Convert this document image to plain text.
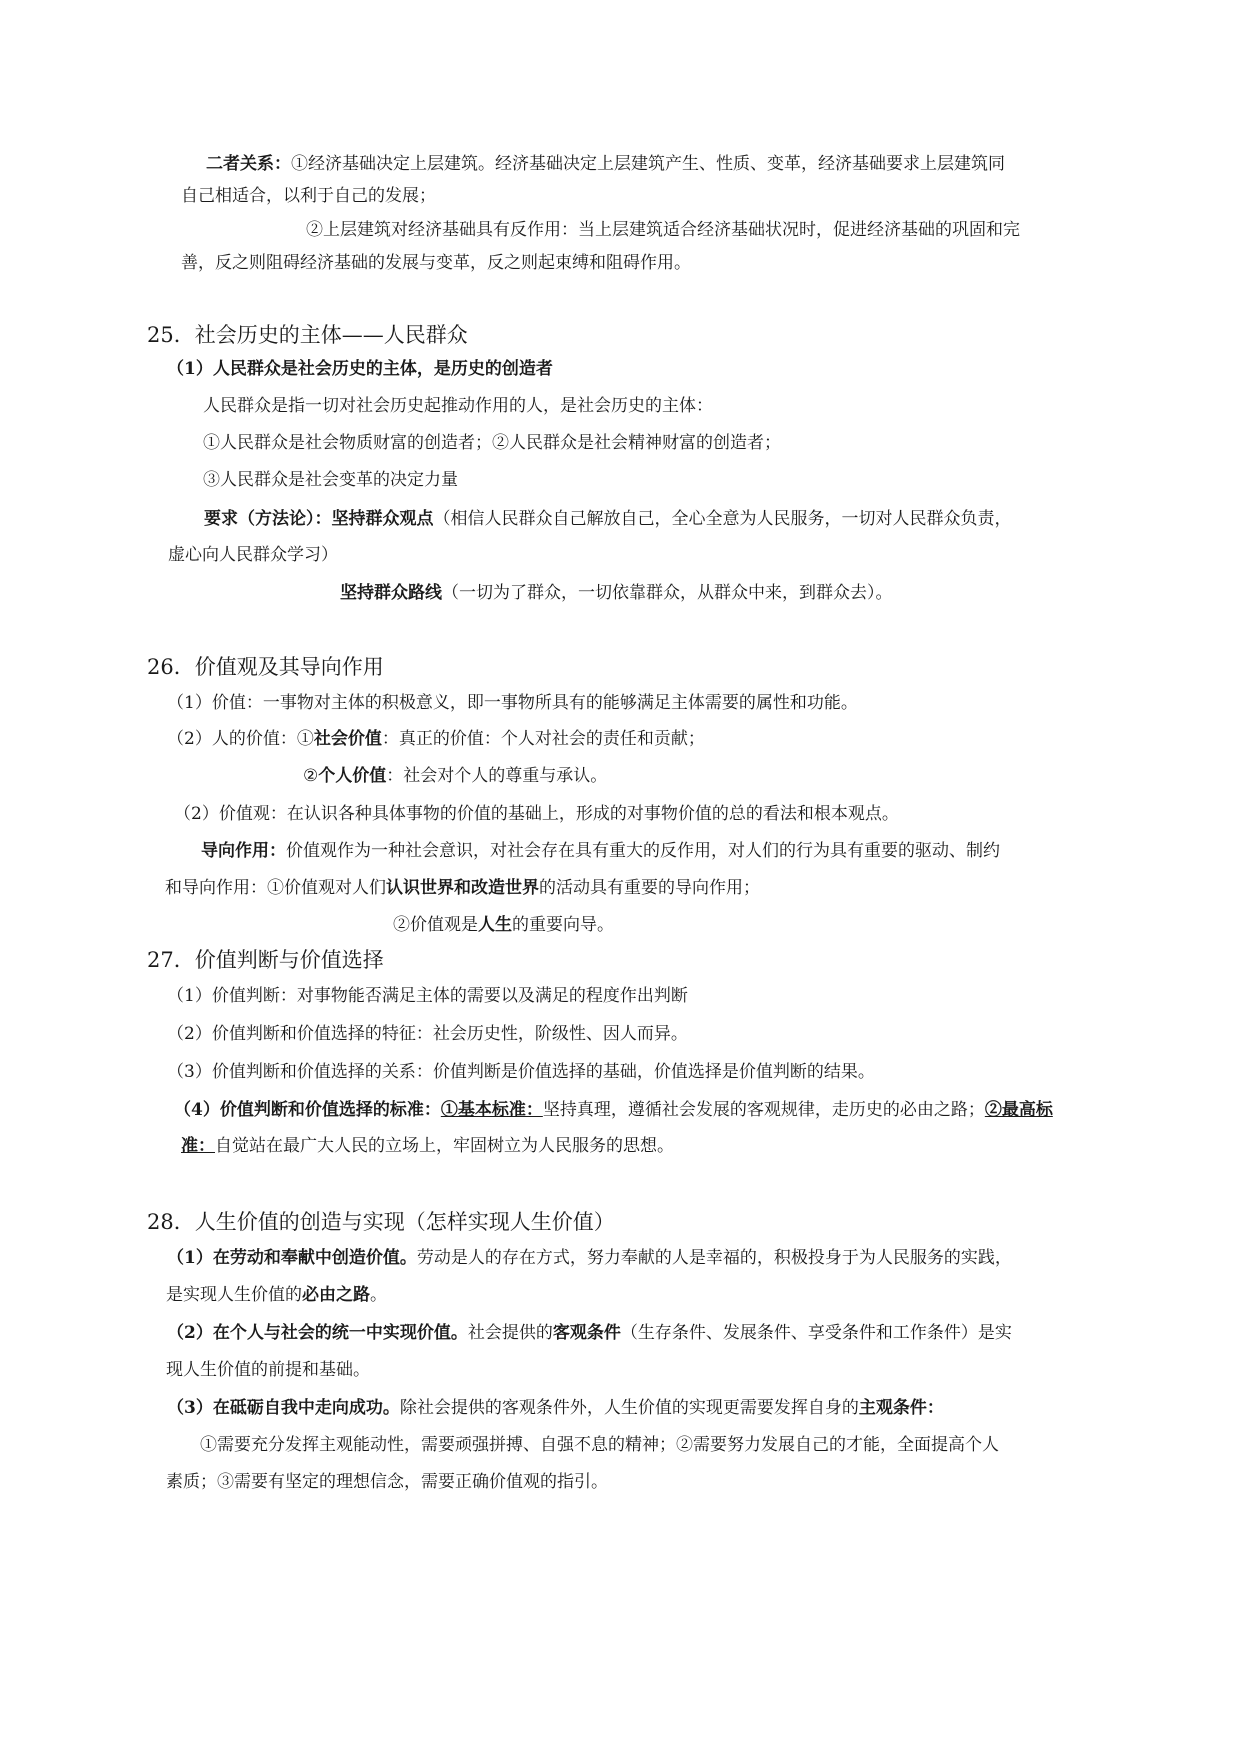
二者关系：①经济基础决定上层建筑。经济基础决定上层建筑产生、性质、变革，经济基础要求上层建筑同
自己相适合，以利于自己的发展；
②上层建筑对经济基础具有反作用：当上层建筑适合经济基础状况时，促进经济基础的巩固和完
善，反之则阻碍经济基础的发展与变革，反之则起束缚和阻碍作用。
25．社会历史的主体——人民群众
（1）人民群众是社会历史的主体，是历史的创造者
人民群众是指一切对社会历史起推动作用的人，是社会历史的主体：
①人民群众是社会物质财富的创造者；②人民群众是社会精神财富的创造者；
③人民群众是社会变革的决定力量
要求（方法论）：坚持群众观点（相信人民群众自己解放自己，全心全意为人民服务，一切对人民群众负责，
虚心向人民群众学习）
坚持群众路线（一切为了群众，一切依靠群众，从群众中来，到群众去）。
26．价值观及其导向作用
（1）价值：一事物对主体的积极意义，即一事物所具有的能够满足主体需要的属性和功能。
（2）人的价值：①社会价值：真正的价值：个人对社会的责任和贡献；
②个人价值：社会对个人的尊重与承认。
（2）价值观：在认识各种具体事物的价值的基础上，形成的对事物价值的总的看法和根本观点。
导向作用：价值观作为一种社会意识，对社会存在具有重大的反作用，对人们的行为具有重要的驱动、制约
和导向作用：①价值观对人们认识世界和改造世界的活动具有重要的导向作用；
②价值观是人生的重要向导。
27．价值判断与价值选择
（1）价值判断：对事物能否满足主体的需要以及满足的程度作出判断
（2）价值判断和价值选择的特征：社会历史性，阶级性、因人而异。
（3）价值判断和价值选择的关系：价值判断是价值选择的基础，价值选择是价值判断的结果。
（4）价值判断和价值选择的标准：①基本标准：坚持真理，遵循社会发展的客观规律，走历史的必由之路；②最高标
准：自觉站在最广大人民的立场上，牢固树立为人民服务的思想。
28．人生价值的创造与实现（怎样实现人生价值）
（1）在劳动和奉献中创造价值。劳动是人的存在方式，努力奉献的人是幸福的，积极投身于为人民服务的实践，
是实现人生价值的必由之路。
（2）在个人与社会的统一中实现价值。社会提供的客观条件（生存条件、发展条件、享受条件和工作条件）是实
现人生价值的前提和基础。
（3）在砥砺自我中走向成功。除社会提供的客观条件外，人生价值的实现更需要发挥自身的主观条件：
①需要充分发挥主观能动性，需要顽强拼搏、自强不息的精神；②需要努力发展自己的才能，全面提高个人
素质；③需要有坚定的理想信念，需要正确价值观的指引。
